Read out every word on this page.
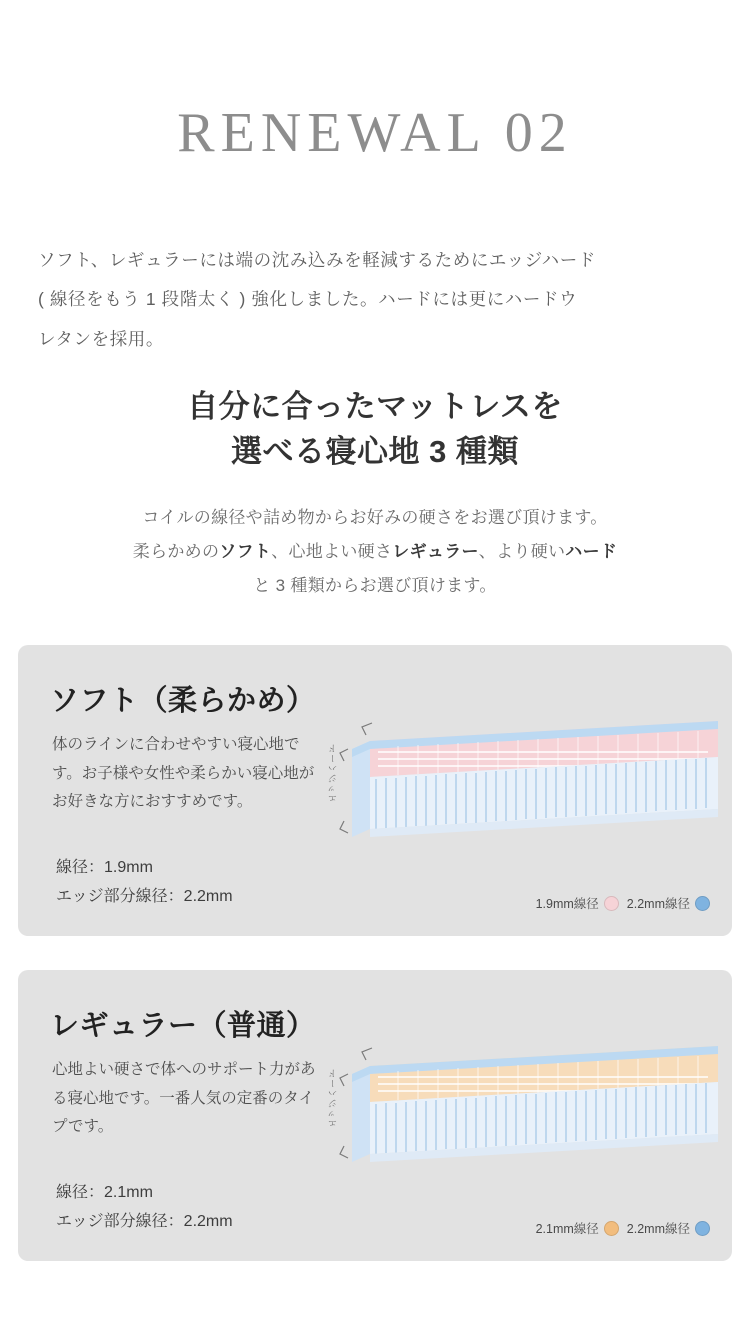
RENEWAL 02
ソフト、レギュラーには端の沈み込みを軽減するためにエッジハード
( 線径をもう 1 段階太く ) 強化しました。ハードには更にハードウ
レタンを採用。
自分に合ったマットレスを
選べる寝心地 3 種類
コイルの線径や詰め物からお好みの硬さをお選び頂けます。
柔らかめのソフト、心地よい硬さレギュラー、より硬いハード
と 3 種類からお選び頂けます。
ソフト（柔らかめ）
体のラインに合わせやすい寝心地です。お子様や女性や柔らかい寝心地がお好きな方におすすめです。
線径：1.9mm
エッジ部分線径：2.2mm
エッジハード
1.9mm線径 2.2mm線径
レギュラー（普通）
心地よい硬さで体へのサポート力がある寝心地です。一番人気の定番のタイプです。
線径：2.1mm
エッジ部分線径：2.2mm
エッジハード
2.1mm線径 2.2mm線径
